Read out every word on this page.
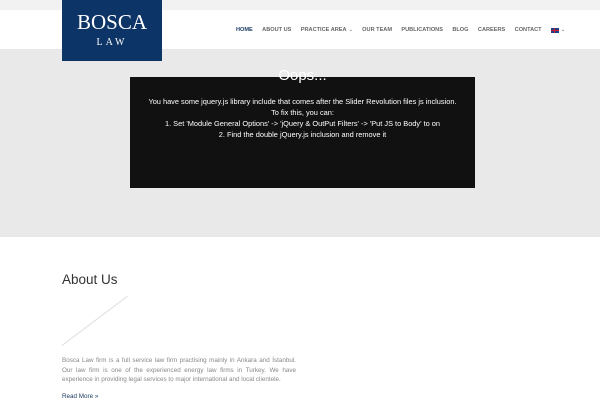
HOME ABOUT US PRACTICE AREA ⌄ OUR TEAM PUBLICATIONS BLOG CAREERS CONTACT	⌄
BOSCA
LAW
Oops...
You have some jquery.js library include that comes after the Slider Revolution files js inclusion.
To fix this, you can:
1. Set 'Module General Options' -> 'jQuery & OutPut Filters' -> 'Put JS to Body' to on
2. Find the double jQuery.js inclusion and remove it
About Us
Bosca Law firm is a full service law firm practising mainly in Ankara and İstanbul. Our law firm is one of the experienced energy law firms in Turkey. We have experience in providing legal services to major international and local clientele.
Read More »
